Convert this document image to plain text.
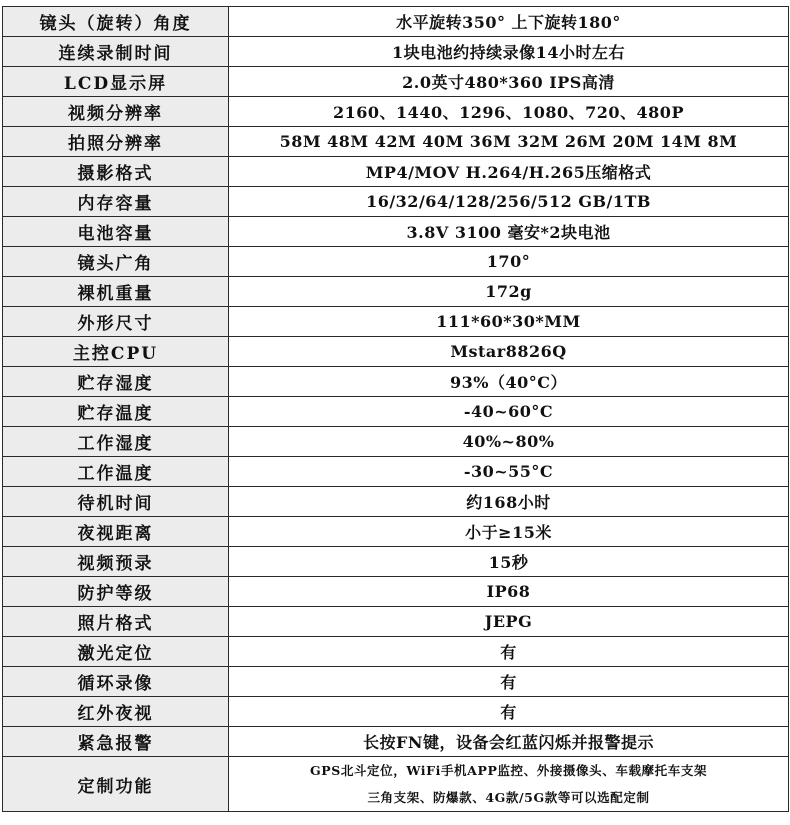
镜头（旋转）角度	水平旋转350° 上下旋转180°
连续录制时间	1块电池约持续录像14小时左右
LCD显示屏	2.0英寸480*360 IPS高清
视频分辨率	2160、1440、1296、1080、720、480P
拍照分辨率	58M 48M 42M 40M 36M 32M 26M 20M 14M 8M
摄影格式	MP4/MOV H.264/H.265压缩格式
内存容量	16/32/64/128/256/512 GB/1TB
电池容量	3.8V 3100 毫安*2块电池
镜头广角	170°
裸机重量	172g
外形尺寸	111*60*30*MM
主控CPU	Mstar8826Q
贮存湿度	93%（40°C）
贮存温度	-40~60°C
工作湿度	40%~80%
工作温度	-30~55°C
待机时间	约168小时
夜视距离	小于≥15米
视频预录	15秒
防护等级	IP68
照片格式	JEPG
激光定位	有
循环录像	有
红外夜视	有
紧急报警	长按FN键，设备会红蓝闪烁并报警提示
定制功能	GPS北斗定位，WiFi手机APP监控、外接摄像头、车载摩托车支架
三角支架、防爆款、4G款/5G款等可以选配定制
